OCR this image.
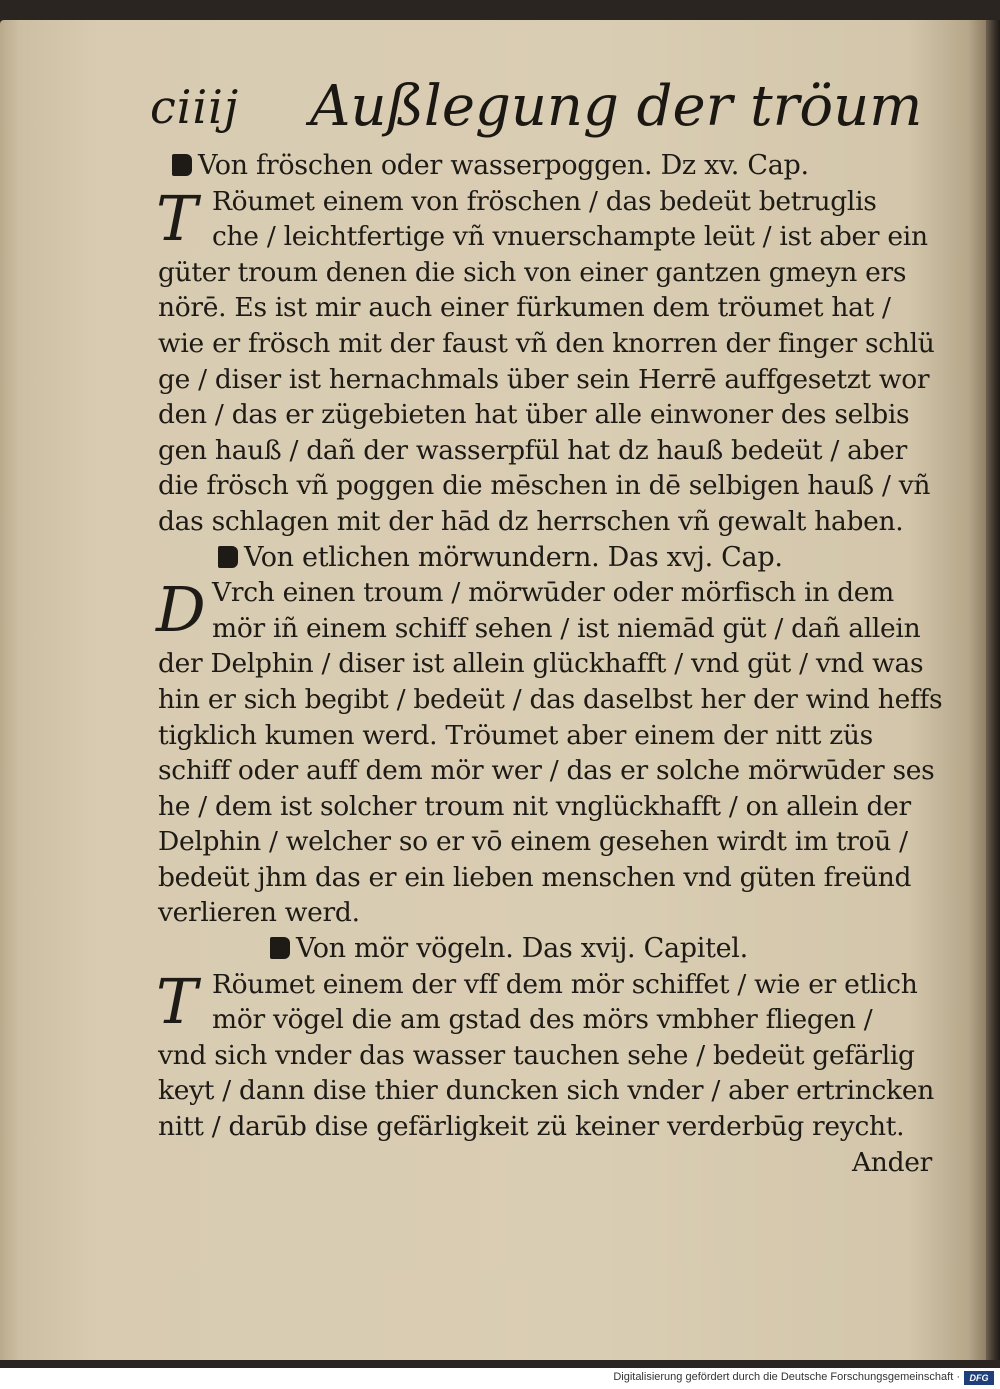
ciiij Außlegung der tröum
Von fröschen oder wasserpoggen. Dz xv. Cap.
T Röumet einem von fröschen / das bedeüt betruglis
che / leichtfertige vñ vnuerschampte leüt / ist aber ein
güter troum denen die sich von einer gantzen gmeyn ers
nörē. Es ist mir auch einer fürkumen dem tröumet hat /
wie er frösch mit der faust vñ den knorren der finger schlü
ge / diser ist hernachmals über sein Herrē auffgesetzt wor
den / das er zügebieten hat über alle einwoner des selbis
gen hauß / dañ der wasserpfül hat dz hauß bedeüt / aber
die frösch vñ poggen die mēschen in dē selbigen hauß / vñ
das schlagen mit der hād dz herrschen vñ gewalt haben.
Von etlichen mörwundern. Das xvj. Cap.
D Vrch einen troum / mörwūder oder mörfisch in dem
mör iñ einem schiff sehen / ist niemād güt / dañ allein
der Delphin / diser ist allein glückhafft / vnd güt / vnd was
hin er sich begibt / bedeüt / das daselbst her der wind heffs
tigklich kumen werd. Tröumet aber einem der nitt züs
schiff oder auff dem mör wer / das er solche mörwūder ses
he / dem ist solcher troum nit vnglückhafft / on allein der
Delphin / welcher so er vō einem gesehen wirdt im troū /
bedeüt jhm das er ein lieben menschen vnd güten freünd
verlieren werd.
Von mör vögeln. Das xvij. Capitel.
T Röumet einem der vff dem mör schiffet / wie er etlich
mör vögel die am gstad des mörs vmbher fliegen /
vnd sich vnder das wasser tauchen sehe / bedeüt gefärlig
keyt / dann dise thier duncken sich vnder / aber ertrincken
nitt / darūb dise gefärligkeit zü keiner verderbūg reycht.
Ander
Digitalisierung gefördert durch die Deutsche Forschungsgemeinschaft ·	DFG
